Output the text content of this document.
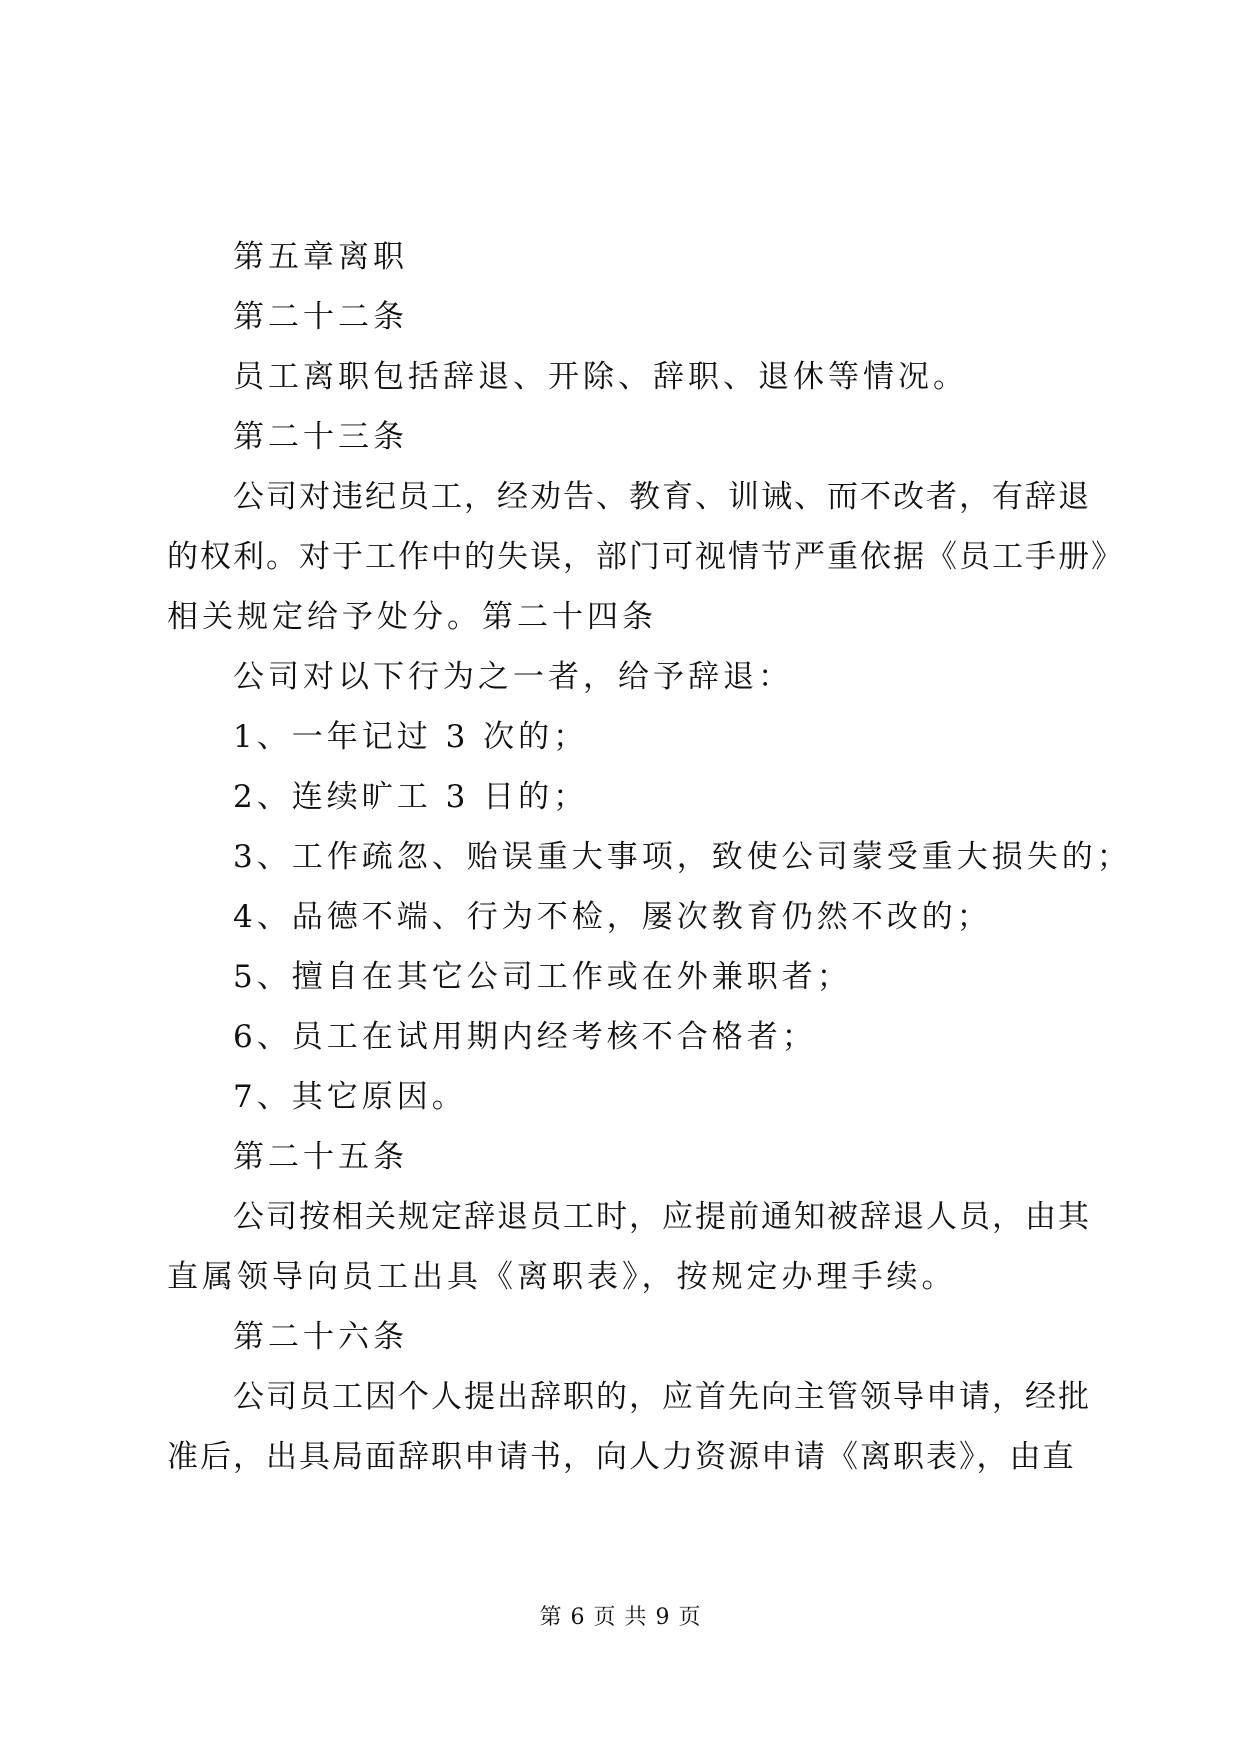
第五章离职
第二十二条
员工离职包括辞退、开除、辞职、退休等情况。
第二十三条
公司对违纪员工，经劝告、教育、训诫、而不改者，有辞退
的权利。对于工作中的失误，部门可视情节严重依据《员工手册》
相关规定给予处分。第二十四条
公司对以下行为之一者，给予辞退：
1、一年记过 3 次的；
2、连续旷工 3 日的；
3、工作疏忽、贻误重大事项，致使公司蒙受重大损失的；
4、品德不端、行为不检，屡次教育仍然不改的；
5、擅自在其它公司工作或在外兼职者；
6、员工在试用期内经考核不合格者；
7、其它原因。
第二十五条
公司按相关规定辞退员工时，应提前通知被辞退人员，由其
直属领导向员工出具《离职表》，按规定办理手续。
第二十六条
公司员工因个人提出辞职的，应首先向主管领导申请，经批
准后，出具局面辞职申请书，向人力资源申请《离职表》，由直
第 6 页 共 9 页
